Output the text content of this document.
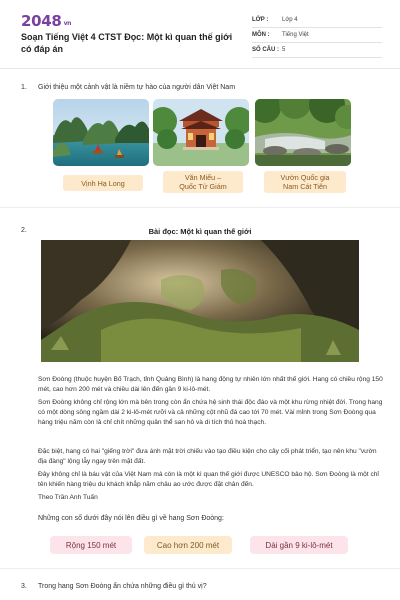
2048 vn
Soạn Tiếng Việt 4 CTST Đọc: Một kì quan thế giới có đáp án
LỚP :	Lớp 4
MÔN :	Tiếng Việt
SỐ CÂU : 5
1. Giới thiệu một cảnh vật là niềm tự hào của người dân Việt Nam
Vịnh Hạ Long
Văn Miếu – Quốc Tử Giám
Vườn Quốc gia Nam Cát Tiên
2.	Bài đọc: Một kì quan thế giới
Sơn Đoòng (thuộc huyện Bố Trạch, tỉnh Quảng Bình) là hang động tự nhiên lớn nhất thế giới. Hang có chiều rộng 150 mét, cao hơn 200 mét và chiều dài lên đến gần 9 ki-lô-mét.
Sơn Đoòng không chỉ rộng lớn mà bên trong còn ẩn chứa hệ sinh thái độc đáo và một khu rừng nhiệt đới. Trong hang có một dòng sông ngầm dài 2 ki-lô-mét rưỡi và cả những cột nhũ đá cao tới 70 mét. Vài mỉnh trong Sơn Đoòng qua hàng triệu năm còn lả chỉ chít những quân thể san hô và di tích thủ hoá thạch.
Đặc biệt, hang có hai "giếng trời" đưa ánh mặt trời chiếu vào tạo điều kiện cho cây cối phát triển, tạo nên khu "vườn địa đàng" lộng lẫy ngay trên mặt đất.
Đây không chỉ là báu vật của Việt Nam mà còn là một kì quan thế giới được UNESCO bảo hộ. Sơn Đoòng là một chỉ tên khiến hàng triệu du khách khắp năm châu ao ước được đặt chân đến.
Theo Trần Anh Tuấn
Những con số dưới đây nói lên điều gì về hang Sơn Đoòng:
Rộng 150 mét	Cao hơn 200 mét	Dài gần 9 ki-lô-mét
3. Trong hang Sơn Đoòng ẩn chứa những điều gì thú vị?
